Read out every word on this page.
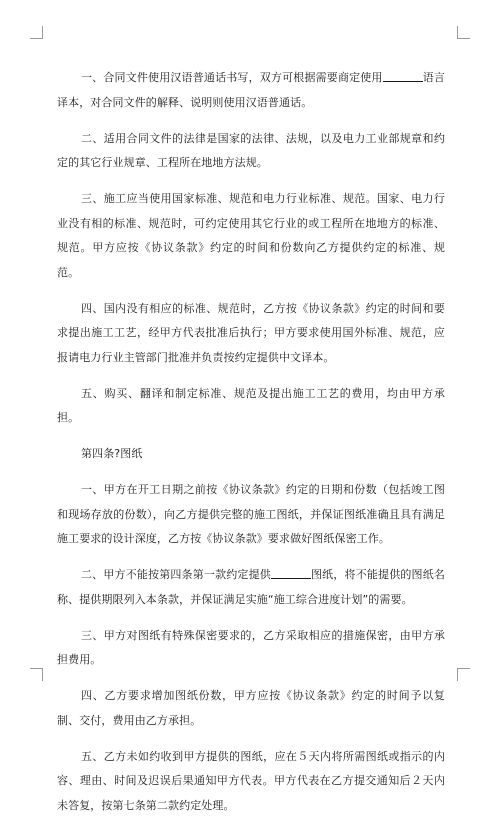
一、合同文件使用汉语普通话书写，双方可根据需要商定使用	语言译本，对合同文件的解释、说明则使用汉语普通话。

二、适用合同文件的法律是国家的法律、法规，以及电力工业部规章和约定的其它行业规章、工程所在地地方法规。

三、施工应当使用国家标准、规范和电力行业标准、规范。国家、电力行业没有相的标准、规范时，可约定使用其它行业的或工程所在地地方的标准、规范。甲方应按《协议条款》约定的时间和份数向乙方提供约定的标准、规范。

四、国内没有相应的标准、规范时，乙方按《协议条款》约定的时间和要求提出施工工艺，经甲方代表批准后执行；甲方要求使用国外标准、规范，应报请电力行业主管部门批准并负责按约定提供中文译本。

五、购买、翻译和制定标准、规范及提出施工工艺的费用，均由甲方承担。

第四条?图纸

一、甲方在开工日期之前按《协议条款》约定的日期和份数（包括竣工图和现场存放的份数），向乙方提供完整的施工图纸，并保证图纸准确且具有满足施工要求的设计深度，乙方按《协议条款》要求做好图纸保密工作。

二、甲方不能按第四条第一款约定提供	图纸，将不能提供的图纸名称、提供期限列入本条款，并保证满足实施“施工综合进度计划”的需要。

三、甲方对图纸有特殊保密要求的，乙方采取相应的措施保密，由甲方承担费用。

四、乙方要求增加图纸份数，甲方应按《协议条款》约定的时间予以复制、交付，费用由乙方承担。

五、乙方未如约收到甲方提供的图纸，应在５天内将所需图纸或指示的内容、理由、时间及迟误后果通知甲方代表。甲方代表在乙方提交通知后２天内未答复，按第七条第二款约定处理。
